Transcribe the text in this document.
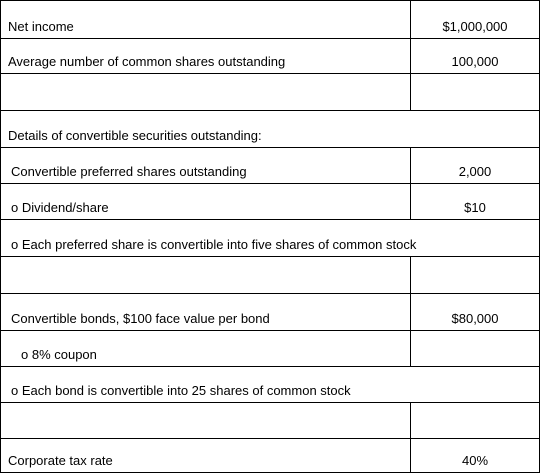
Net income	$1,000,000
Average number of common shares outstanding	100,000
Details of convertible securities outstanding:
Convertible preferred shares outstanding	2,000
o Dividend/share	$10
o Each preferred share is convertible into five shares of common stock
Convertible bonds, $100 face value per bond	$80,000
o 8% coupon
o Each bond is convertible into 25 shares of common stock
Corporate tax rate	40%
